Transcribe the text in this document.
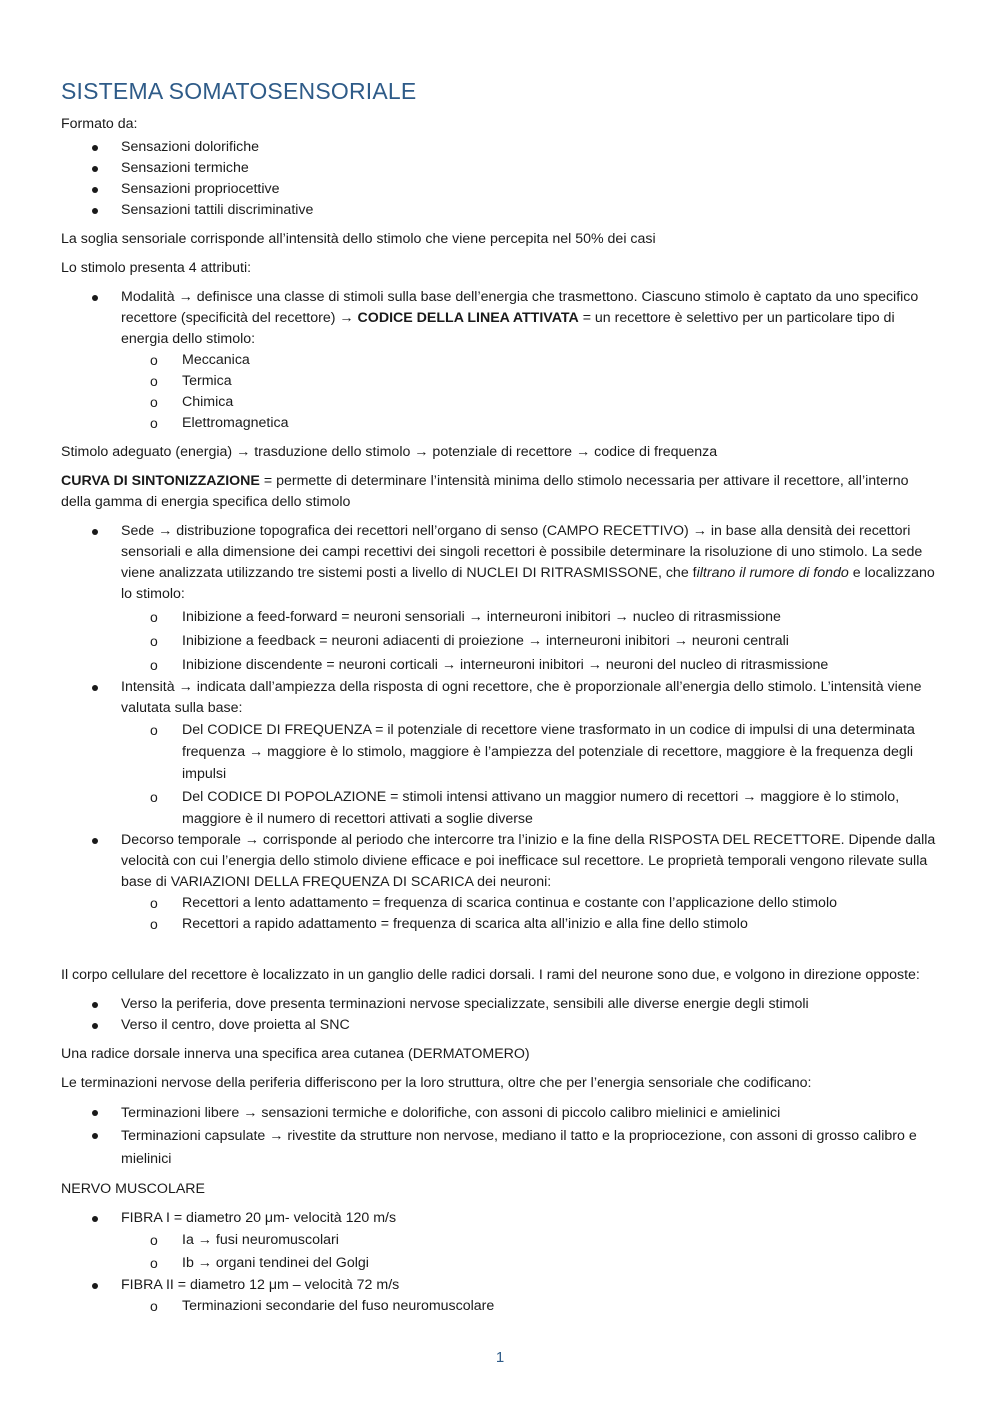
SISTEMA SOMATOSENSORIALE

Formato da:

Sensazioni dolorifiche
Sensazioni termiche
Sensazioni propriocettive
Sensazioni tattili discriminative

La soglia sensoriale corrisponde all’intensità dello stimolo che viene percepita nel 50% dei casi

Lo stimolo presenta 4 attributi:

Modalità → definisce una classe di stimoli sulla base dell’energia che trasmettono. Ciascuno stimolo è captato da uno specifico recettore (specificità del recettore) → CODICE DELLA LINEA ATTIVATA = un recettore è selettivo per un particolare tipo di energia dello stimolo:
o Meccanica
o Termica
o Chimica
o Elettromagnetica

Stimolo adeguato (energia) → trasduzione dello stimolo → potenziale di recettore → codice di frequenza

CURVA DI SINTONIZZAZIONE = permette di determinare l’intensità minima dello stimolo necessaria per attivare il recettore, all’interno della gamma di energia specifica dello stimolo

Sede → distribuzione topografica dei recettori nell’organo di senso (CAMPO RECETTIVO) → in base alla densità dei recettori sensoriali e alla dimensione dei campi recettivi dei singoli recettori è possibile determinare la risoluzione di uno stimolo. La sede viene analizzata utilizzando tre sistemi posti a livello di NUCLEI DI RITRASMISSONE, che filtrano il rumore di fondo e localizzano lo stimolo:
o Inibizione a feed-forward = neuroni sensoriali → interneuroni inibitori → nucleo di ritrasmissione
o Inibizione a feedback = neuroni adiacenti di proiezione → interneuroni inibitori → neuroni centrali
o Inibizione discendente = neuroni corticali → interneuroni inibitori → neuroni del nucleo di ritrasmissione
Intensità → indicata dall’ampiezza della risposta di ogni recettore, che è proporzionale all’energia dello stimolo. L’intensità viene valutata sulla base:
o Del CODICE DI FREQUENZA = il potenziale di recettore viene trasformato in un codice di impulsi di una determinata frequenza → maggiore è lo stimolo, maggiore è l’ampiezza del potenziale di recettore, maggiore è la frequenza degli impulsi
o Del CODICE DI POPOLAZIONE = stimoli intensi attivano un maggior numero di recettori → maggiore è lo stimolo, maggiore è il numero di recettori attivati a soglie diverse
Decorso temporale → corrisponde al periodo che intercorre tra l’inizio e la fine della RISPOSTA DEL RECETTORE. Dipende dalla velocità con cui l’energia dello stimolo diviene efficace e poi inefficace sul recettore. Le proprietà temporali vengono rilevate sulla base di VARIAZIONI DELLA FREQUENZA DI SCARICA dei neuroni:
o Recettori a lento adattamento = frequenza di scarica continua e costante con l’applicazione dello stimolo
o Recettori a rapido adattamento = frequenza di scarica alta all’inizio e alla fine dello stimolo

Il corpo cellulare del recettore è localizzato in un ganglio delle radici dorsali. I rami del neurone sono due, e volgono in direzione opposte:

Verso la periferia, dove presenta terminazioni nervose specializzate, sensibili alle diverse energie degli stimoli
Verso il centro, dove proietta al SNC

Una radice dorsale innerva una specifica area cutanea (DERMATOMERO)

Le terminazioni nervose della periferia differiscono per la loro struttura, oltre che per l’energia sensoriale che codificano:

Terminazioni libere → sensazioni termiche e dolorifiche, con assoni di piccolo calibro mielinici e amielinici
Terminazioni capsulate → rivestite da strutture non nervose, mediano il tatto e la propriocezione, con assoni di grosso calibro e mielinici

NERVO MUSCOLARE

FIBRA I = diametro 20 μm- velocità 120 m/s
o Ia → fusi neuromuscolari
o Ib → organi tendinei del Golgi
FIBRA II = diametro 12 μm – velocità 72 m/s
o Terminazioni secondarie del fuso neuromuscolare
1
